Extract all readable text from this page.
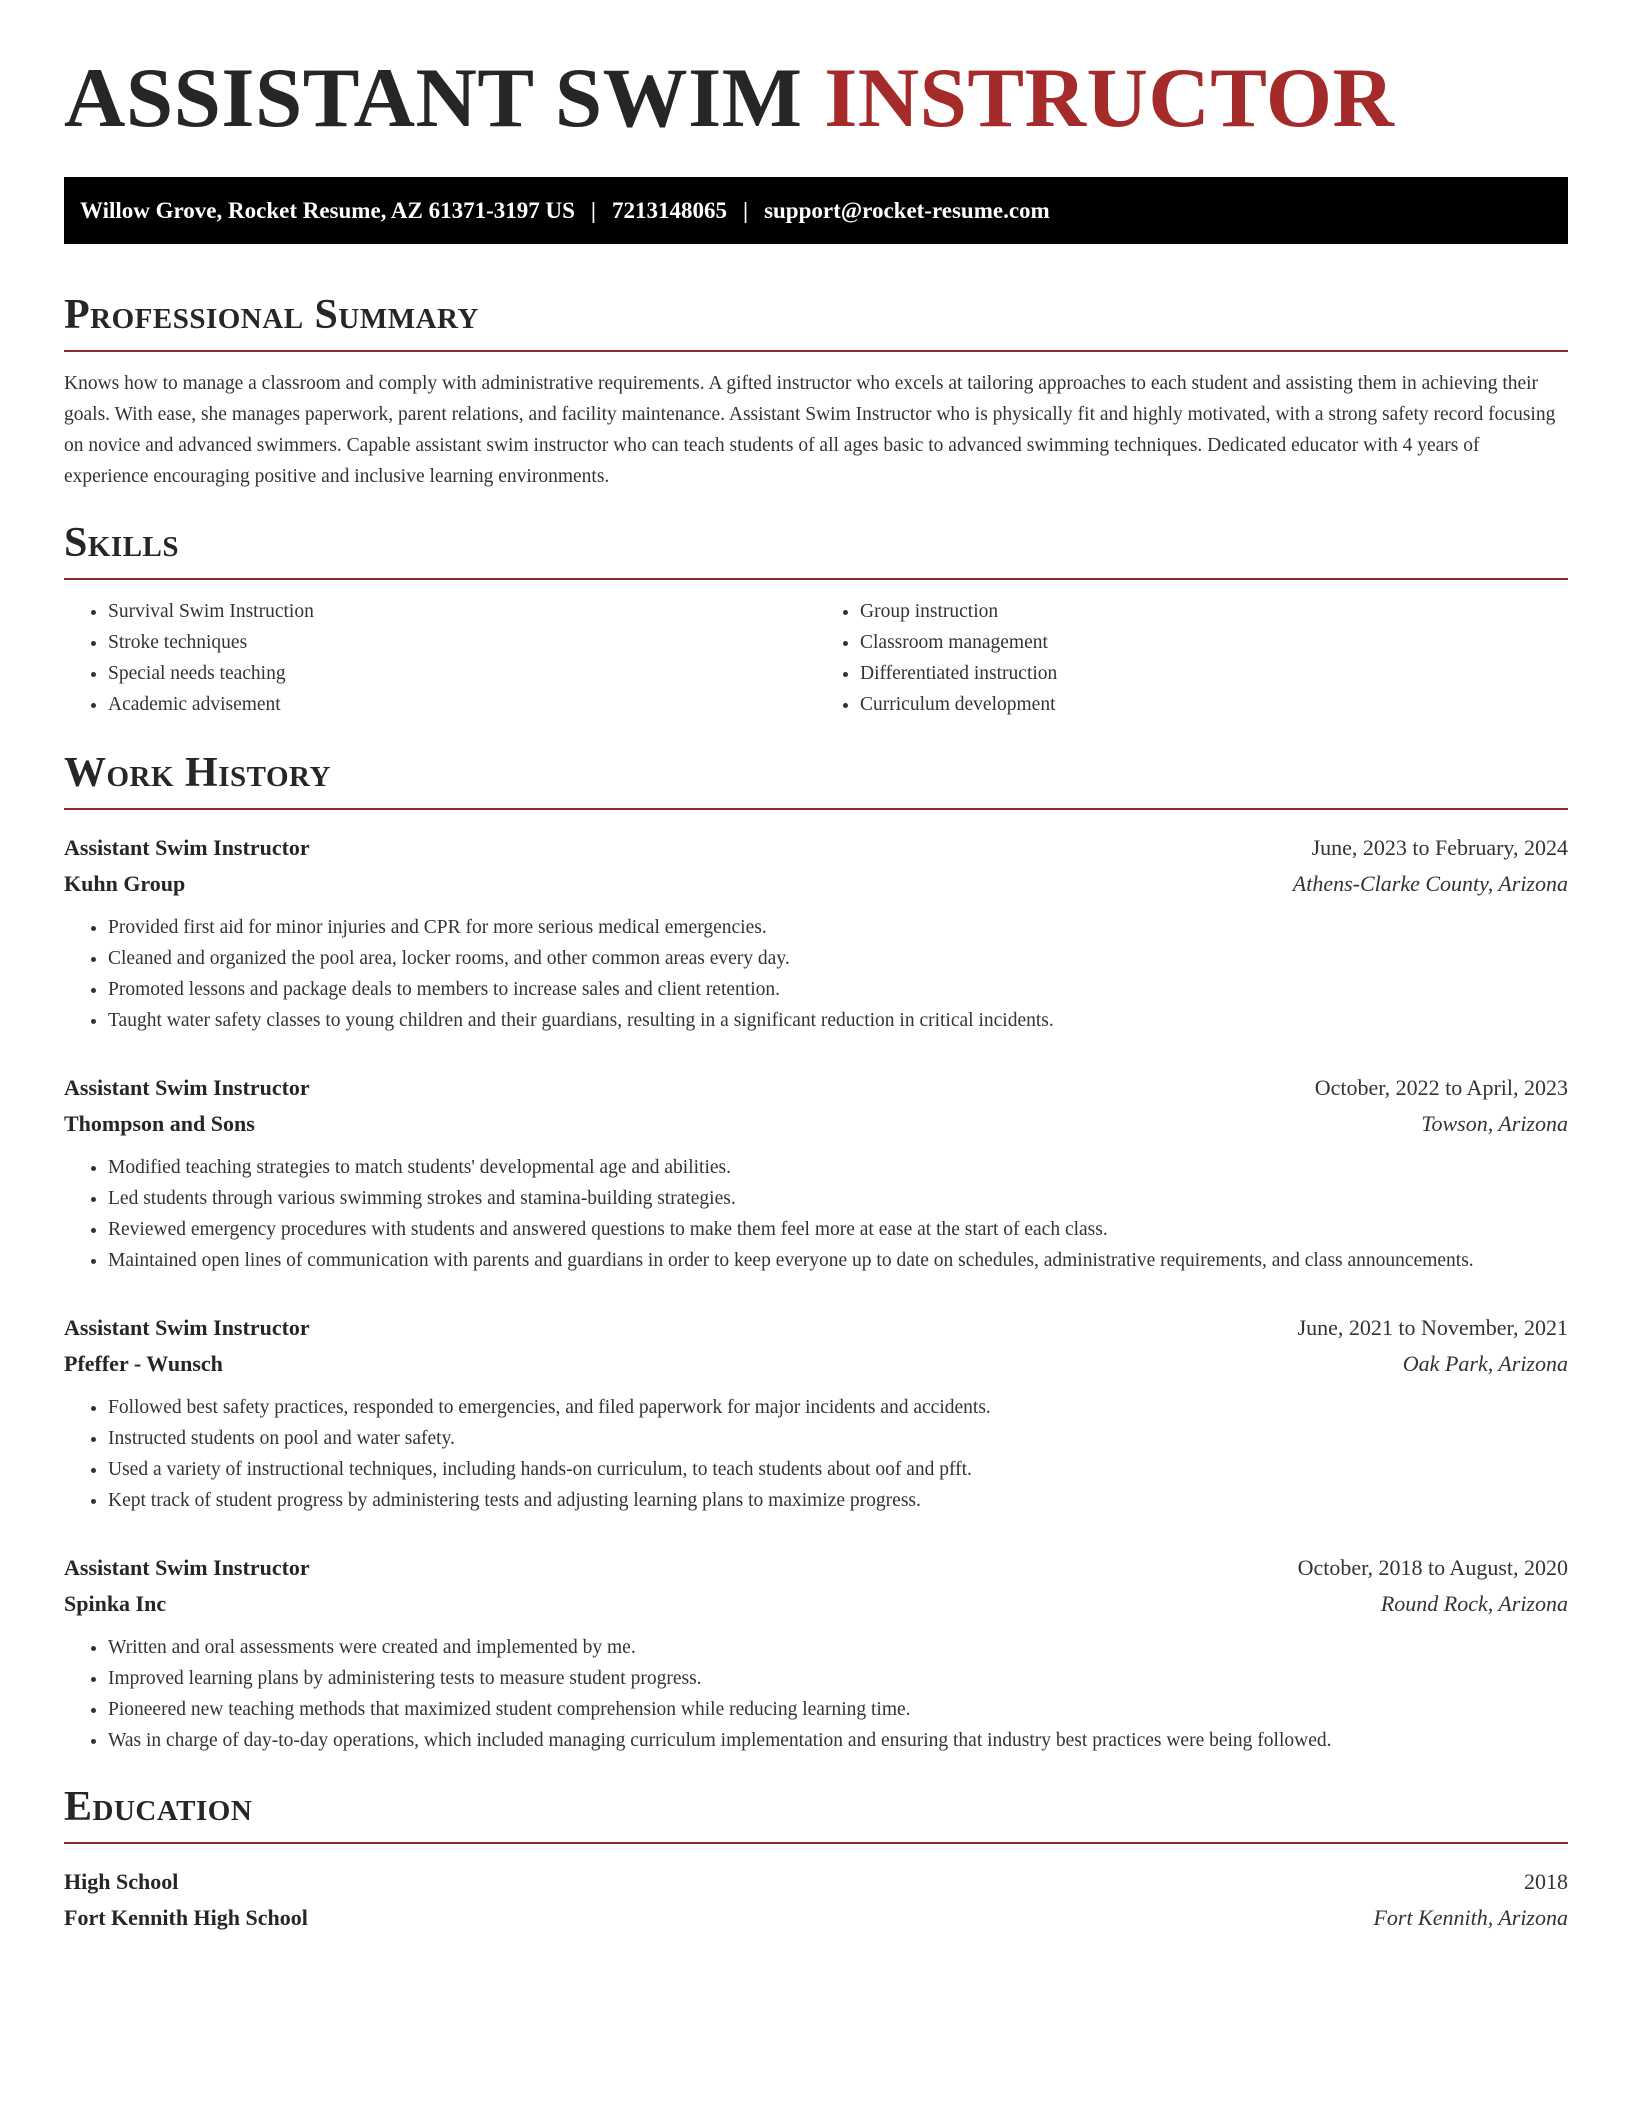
ASSISTANT SWIM INSTRUCTOR
Willow Grove, Rocket Resume, AZ 61371-3197 US | 7213148065 | support@rocket-resume.com
Professional Summary

Knows how to manage a classroom and comply with administrative requirements. A gifted instructor who excels at tailoring approaches to each student and assisting them in achieving their goals. With ease, she manages paperwork, parent relations, and facility maintenance. Assistant Swim Instructor who is physically fit and highly motivated, with a strong safety record focusing on novice and advanced swimmers. Capable assistant swim instructor who can teach students of all ages basic to advanced swimming techniques. Dedicated educator with 4 years of experience encouraging positive and inclusive learning environments.

Skills
• Survival Swim Instruction
• Stroke techniques
• Special needs teaching
• Academic advisement
• Group instruction
• Classroom management
• Differentiated instruction
• Curriculum development
Work History
Assistant Swim Instructor	June, 2023 to February, 2024
Kuhn Group	Athens-Clarke County, Arizona
• Provided first aid for minor injuries and CPR for more serious medical emergencies.
• Cleaned and organized the pool area, locker rooms, and other common areas every day.
• Promoted lessons and package deals to members to increase sales and client retention.
• Taught water safety classes to young children and their guardians, resulting in a significant reduction in critical incidents.
Assistant Swim Instructor	October, 2022 to April, 2023
Thompson and Sons	Towson, Arizona
• Modified teaching strategies to match students' developmental age and abilities.
• Led students through various swimming strokes and stamina-building strategies.
• Reviewed emergency procedures with students and answered questions to make them feel more at ease at the start of each class.
• Maintained open lines of communication with parents and guardians in order to keep everyone up to date on schedules, administrative requirements, and class announcements.
Assistant Swim Instructor	June, 2021 to November, 2021
Pfeffer - Wunsch	Oak Park, Arizona
• Followed best safety practices, responded to emergencies, and filed paperwork for major incidents and accidents.
• Instructed students on pool and water safety.
• Used a variety of instructional techniques, including hands-on curriculum, to teach students about oof and pfft.
• Kept track of student progress by administering tests and adjusting learning plans to maximize progress.
Assistant Swim Instructor	October, 2018 to August, 2020
Spinka Inc	Round Rock, Arizona
• Written and oral assessments were created and implemented by me.
• Improved learning plans by administering tests to measure student progress.
• Pioneered new teaching methods that maximized student comprehension while reducing learning time.
• Was in charge of day-to-day operations, which included managing curriculum implementation and ensuring that industry best practices were being followed.
Education
High School	2018
Fort Kennith High School	Fort Kennith, Arizona
